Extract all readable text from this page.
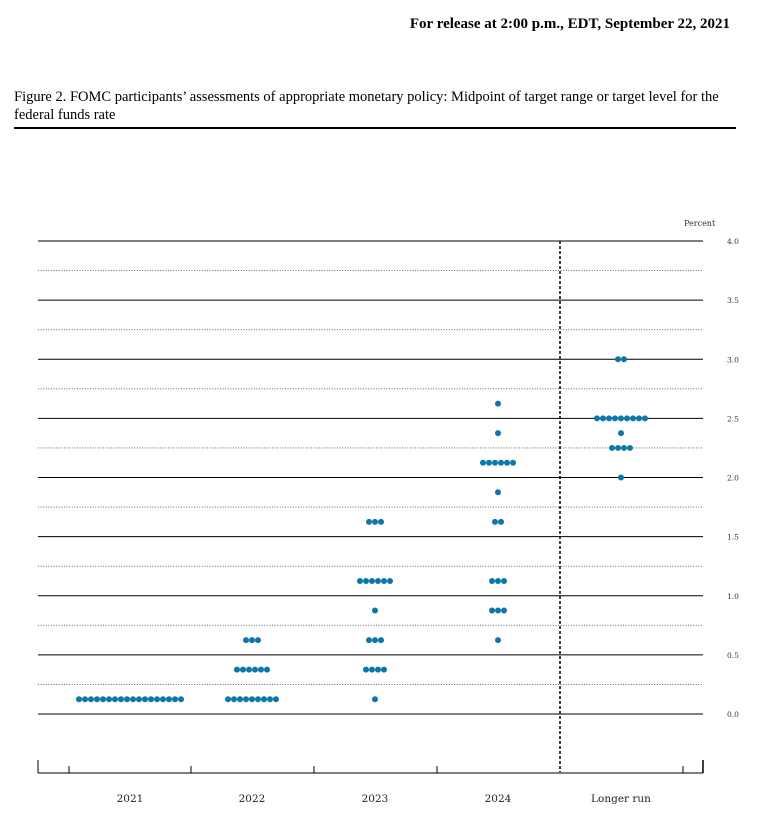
For release at 2:00 p.m., EDT, September 22, 2021
Figure 2. FOMC participants’ assessments of appropriate monetary policy: Midpoint of target range or target level for the federal funds rate
0.0
0.5
1.0
1.5
2.0
2.5
3.0
3.5
4.0
Percent
2021	2022	2023	2024	Longer run
